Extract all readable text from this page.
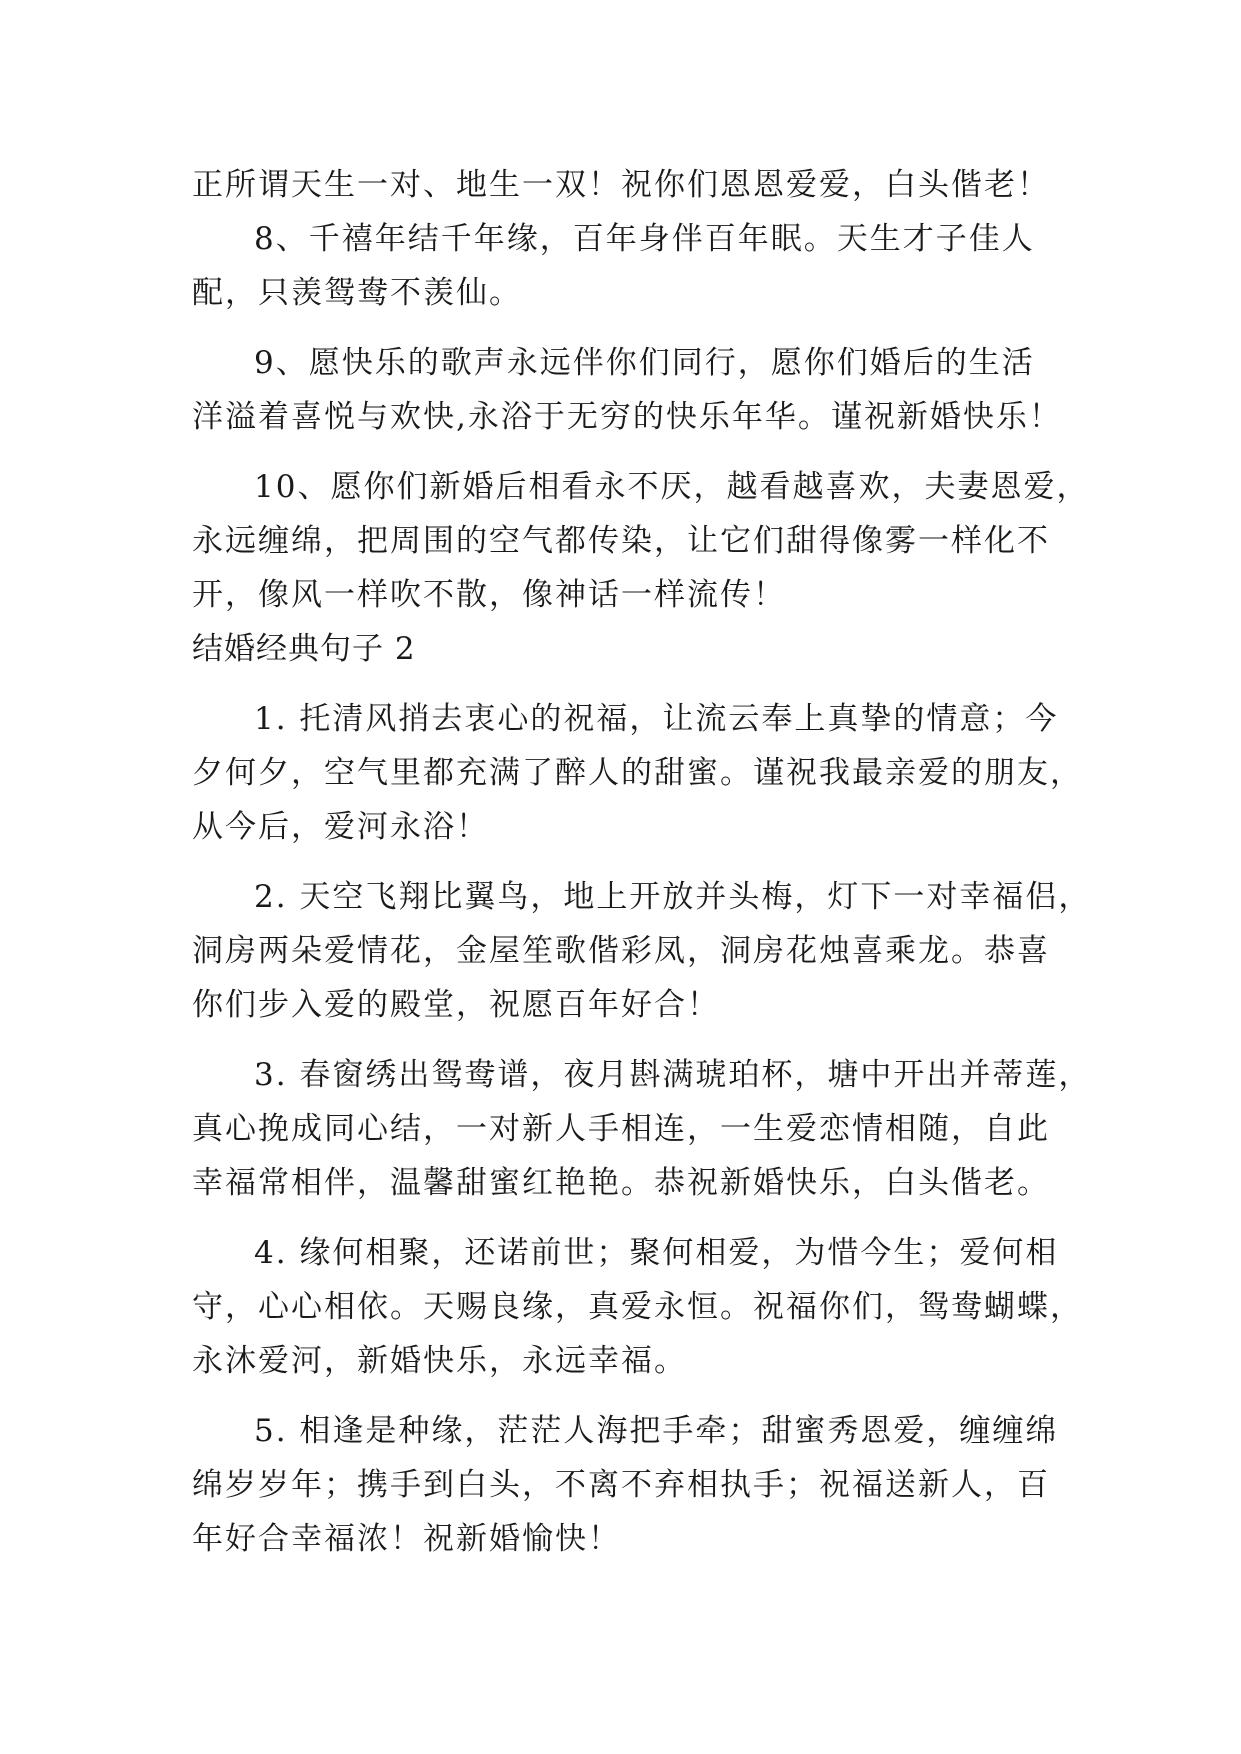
正所谓天生一对、地生一双！祝你们恩恩爱爱，白头偕老！
8、千禧年结千年缘，百年身伴百年眠。天生才子佳人
配，只羡鸳鸯不羡仙。
9、愿快乐的歌声永远伴你们同行，愿你们婚后的生活
洋溢着喜悦与欢快,永浴于无穷的快乐年华。谨祝新婚快乐！
10、愿你们新婚后相看永不厌，越看越喜欢，夫妻恩爱，
永远缠绵，把周围的空气都传染，让它们甜得像雾一样化不
开，像风一样吹不散，像神话一样流传！
结婚经典句子 2
1. 托清风捎去衷心的祝福，让流云奉上真挚的情意；今
夕何夕，空气里都充满了醉人的甜蜜。谨祝我最亲爱的朋友，
从今后，爱河永浴！
2. 天空飞翔比翼鸟，地上开放并头梅，灯下一对幸福侣，
洞房两朵爱情花，金屋笙歌偕彩凤，洞房花烛喜乘龙。恭喜
你们步入爱的殿堂，祝愿百年好合！
3. 春窗绣出鸳鸯谱，夜月斟满琥珀杯，塘中开出并蒂莲，
真心挽成同心结，一对新人手相连，一生爱恋情相随，自此
幸福常相伴，温馨甜蜜红艳艳。恭祝新婚快乐，白头偕老。
4. 缘何相聚，还诺前世；聚何相爱，为惜今生；爱何相
守，心心相依。天赐良缘，真爱永恒。祝福你们，鸳鸯蝴蝶，
永沐爱河，新婚快乐，永远幸福。
5. 相逢是种缘，茫茫人海把手牵；甜蜜秀恩爱，缠缠绵
绵岁岁年；携手到白头，不离不弃相执手；祝福送新人，百
年好合幸福浓！祝新婚愉快！
